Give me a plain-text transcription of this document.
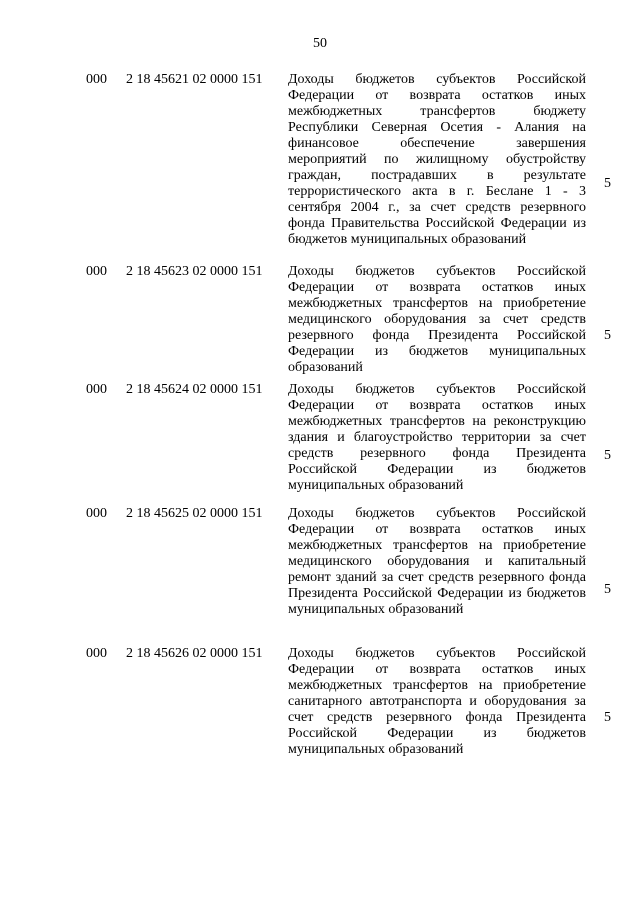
50
000 2 18 45621 02 0000 151 Доходы бюджетов субъектов Российской Федерации от возврата остатков иных межбюджетных трансфертов бюджету Республики Северная Осетия - Алания на финансовое обеспечение завершения мероприятий по жилищному обустройству граждан, пострадавших в результате террористического акта в г. Беслане 1 - 3 сентября 2004 г., за счет средств резервного фонда Правительства Российской Федерации из бюджетов муниципальных образований
5
000 2 18 45623 02 0000 151 Доходы бюджетов субъектов Российской Федерации от возврата остатков иных межбюджетных трансфертов на приобретение медицинского оборудования за счет средств резервного фонда Президента Российской Федерации из бюджетов муниципальных образований
5
000 2 18 45624 02 0000 151 Доходы бюджетов субъектов Российской Федерации от возврата остатков иных межбюджетных трансфертов на реконструкцию здания и благоустройство территории за счет средств резервного фонда Президента Российской Федерации из бюджетов муниципальных образований
5
000 2 18 45625 02 0000 151 Доходы бюджетов субъектов Российской Федерации от возврата остатков иных межбюджетных трансфертов на приобретение медицинского оборудования и капитальный ремонт зданий за счет средств резервного фонда Президента Российской Федерации из бюджетов муниципальных образований
5
000 2 18 45626 02 0000 151 Доходы бюджетов субъектов Российской Федерации от возврата остатков иных межбюджетных трансфертов на приобретение санитарного автотранспорта и оборудования за счет средств резервного фонда Президента Российской Федерации из бюджетов муниципальных образований
5
